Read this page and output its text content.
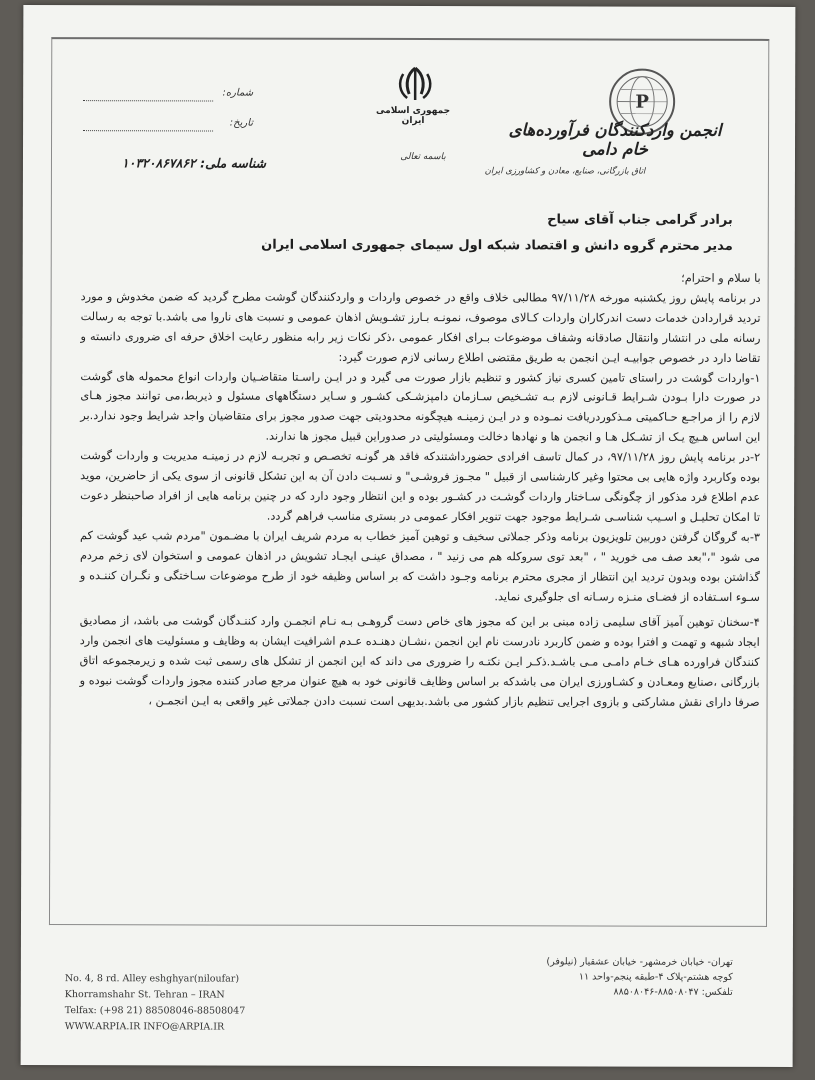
P
انجمن واردکنندگان فرآورده‌های خام دامی
اتاق بازرگانی، صنایع، معادن و کشاورزی ایران
جمهوری اسلامی ایران
باسمه تعالی
شماره:
تاریخ:
شناسه ملی: ۱۰۳۲۰۸۶۷۸۶۲
برادر گرامی جناب آقای سیاح
مدیر محترم گروه دانش و اقتصاد شبکه اول سیمای جمهوری اسلامی ایران

با سلام و احترام؛

در برنامه پایش روز یکشنبه مورخه ۹۷/۱۱/۲۸ مطالبی خلاف واقع در خصوص واردات و واردکنندگان گوشت مطرح گردید که ضمن مخدوش و مورد تردید قراردادن خدمات دست اندرکاران واردات کـالای موصوف، نمونـه بـارز تشـویش اذهان عمومی و نسبت های ناروا می باشد.با توجه به رسالت رسانه ملی در انتشار وانتقال صادقانه وشفاف موضوعات بـرای افکار عمومی ،ذکر نکات زیر رابه منظور رعایت اخلاق حرفه ای ضروری دانسته و تقاضا دارد در خصوص جوابیـه ایـن انجمن به طریق مقتضی اطلاع رسانی لازم صورت گیرد:

۱-واردات گوشت در راستای تامین کسری نیاز کشور و تنظیم بازار صورت می گیرد و در ایـن راسـتا متقاضـیان واردات انواع محموله های گوشت در صورت دارا بـودن شـرایط قـانونی لازم بـه تشـخیص سـازمان دامپزشـکی کشـور و سـایر دستگاههای مسئول و ذیربط،می توانند مجوز هـای لازم را از مراجـع حـاکمیتی مـذکوردریافت نمـوده و در ایـن زمینـه هیچگونه محدودیتی جهت صدور مجوز برای متقاضیان واجد شرایط وجود ندارد.بر این اساس هـیچ یـک از تشـکل هـا و انجمن ها و نهادها دخالت ومسئولیتی در صدوراین قبیل مجوز ها ندارند.

۲-در برنامه پایش روز ۹۷/۱۱/۲۸، در کمال تاسف افرادی حضورداشتندکه فاقد هر گونـه تخصـص و تجربـه لازم در زمینـه مدیریت و واردات گوشت بوده وکاربرد واژه هایی بی محتوا وغیر کارشناسی از قبیل " مجـوز فروشـی" و نسـبت دادن آن به این تشکل قانونی از سوی یکی از حاضرین، موید عدم اطلاع فرد مذکور از چگونگی سـاختار واردات گوشـت در کشـور بوده و این انتظار وجود دارد که در چنین برنامه هایی از افراد صاحبنظر دعوت تا امکان تحلیـل و اسـیب شناسـی شـرایط موجود جهت تنویر افکار عمومی در بستری مناسب فراهم گردد.

۳-به گروگان گرفتن دوربین تلویزیون برنامه وذکر جملاتی سخیف و توهین آمیز خطاب به مردم شریف ایران با مضـمون "مردم شب عید گوشت کم می شود "،"بعد صف می خورید " ، "بعد توی سروکله هم می زنید " ، مصداق عینـی ایجـاد تشویش در اذهان عمومی و استخوان لای زخم مردم گذاشتن بوده وبدون تردید این انتظار از مجری محترم برنامه وجـود داشت که بر اساس وظیفه خود از طرح موضوعات سـاختگی و نگـران کننـده و سـوء اسـتفاده از فضـای منـزه رسـانه ای جلوگیری نماید.

۴-سخنان توهین آمیز آقای سلیمی زاده مبنی بر این که مجوز های خاص دست گروهـی بـه نـام انجمـن وارد کننـدگان گوشت می باشد، از مصادیق ایجاد شبهه و تهمت و افترا بوده و ضمن کاربرد نادرست نام این انجمن ،نشـان دهنـده عـدم اشرافیت ایشان به وظایف و مسئولیت های انجمن وارد کنندگان فراورده هـای خـام دامـی مـی باشـد.ذکـر ایـن نکتـه را ضروری می داند که این انجمن از تشکل های رسمی ثبت شده و زیرمجموعه اتاق بازرگانی ،صنایع ومعـادن و کشـاورزی ایران می باشدکه بر اساس وظایف قانونی خود به هیچ عنوان مرجع صادر کننده مجوز واردات گوشت نبوده و صرفا دارای نقش مشارکتی و بازوی اجرایی تنظیم بازار کشور می باشد.بدیهی است نسبت دادن جملاتی غیر واقعی به ایـن انجمـن ،

No. 4, 8 rd. Alley eshghyar(niloufar)
Khorramshahr St. Tehran – IRAN
Telfax: (+98 21) 88508046-88508047
WWW.ARPIA.IR INFO@ARPIA.IR
تهران- خیابان خرمشهر- خیابان عشقیار (نیلوفر)
کوچه هشتم-پلاک ۴-طبقه پنجم-واحد ۱۱
تلفکس: ۸۸۵۰۸۰۴۷-۸۸۵۰۸۰۴۶
